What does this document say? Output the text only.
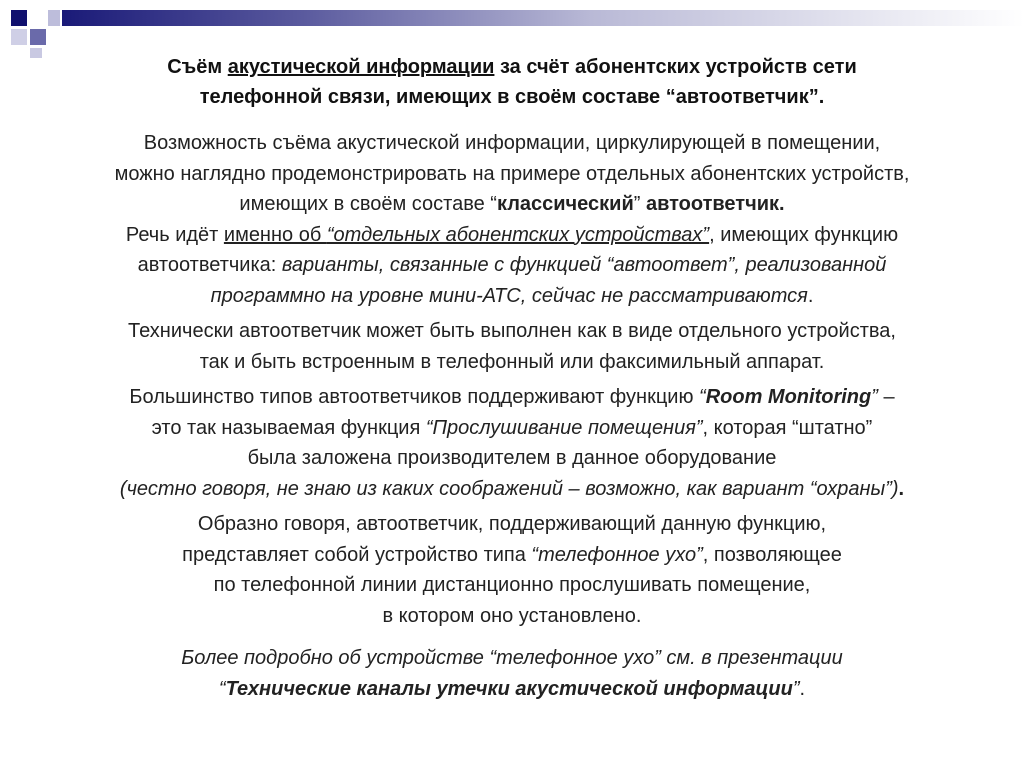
Съём акустической информации за счёт абонентских устройств сети
телефонной связи, имеющих в своём составе “автоответчик”.
Возможность съёма акустической информации, циркулирующей в помещении,
можно наглядно продемонстрировать на примере отдельных абонентских устройств,
имеющих в своём составе “классический” автоответчик.
Речь идёт именно об “отдельных абонентских устройствах”, имеющих функцию
автоответчика: варианты, связанные с функцией “автоответ”, реализованной
программно на уровне мини-АТС, сейчас не рассматриваются.
Технически автоответчик может быть выполнен как в виде отдельного устройства,
так и быть встроенным в телефонный или факсимильный аппарат.
Большинство типов автоответчиков поддерживают функцию “Room Monitoring” –
это так называемая функция “Прослушивание помещения”, которая “штатно”
была заложена производителем в данное оборудование
(честно говоря, не знаю из каких соображений – возможно, как вариант “охраны”).
Образно говоря, автоответчик, поддерживающий данную функцию,
представляет собой устройство типа “телефонное ухо”, позволяющее
по телефонной линии дистанционно прослушивать помещение,
в котором оно установлено.
Более подробно об устройстве “телефонное ухо” см. в презентации
“Технические каналы утечки акустической информации”.
